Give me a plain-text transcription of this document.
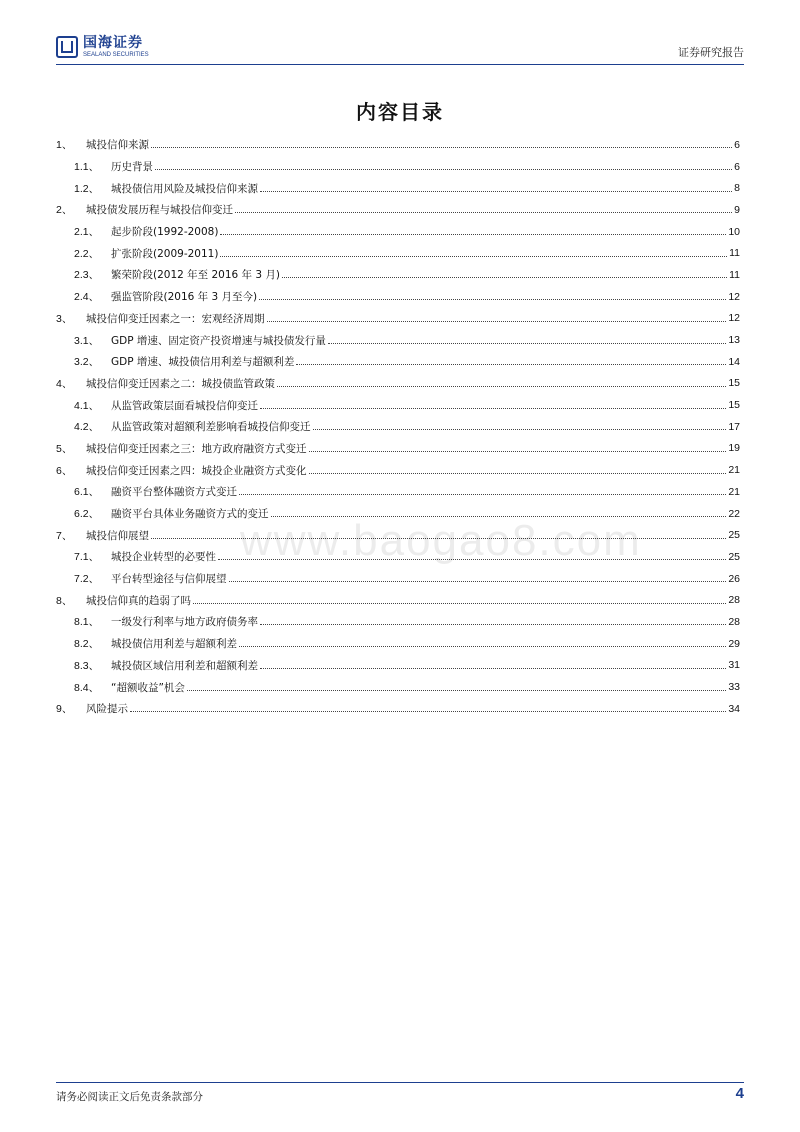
国海证券
SEALAND SECURITIES	证券研究报告
内容目录
1、	城投信仰来源	6
1.1、	历史背景	6
1.2、	城投债信用风险及城投信仰来源	8
2、	城投债发展历程与城投信仰变迁	9
2.1、	起步阶段(1992-2008)	10
2.2、	扩张阶段(2009-2011)	11
2.3、	繁荣阶段(2012 年至 2016 年 3 月)	11
2.4、	强监管阶段(2016 年 3 月至今)	12
3、	城投信仰变迁因素之一：宏观经济周期	12
3.1、	GDP 增速、固定资产投资增速与城投债发行量	13
3.2、	GDP 增速、城投债信用利差与超额利差	14
4、	城投信仰变迁因素之二：城投债监管政策	15
4.1、	从监管政策层面看城投信仰变迁	15
4.2、	从监管政策对超额利差影响看城投信仰变迁	17
5、	城投信仰变迁因素之三：地方政府融资方式变迁	19
6、	城投信仰变迁因素之四：城投企业融资方式变化	21
6.1、	融资平台整体融资方式变迁	21
6.2、	融资平台具体业务融资方式的变迁	22
7、	城投信仰展望	25
7.1、	城投企业转型的必要性	25
7.2、	平台转型途径与信仰展望	26
8、	城投信仰真的趋弱了吗	28
8.1、	一级发行利率与地方政府债务率	28
8.2、	城投债信用利差与超额利差	29
8.3、	城投债区域信用利差和超额利差	31
8.4、	“超额收益”机会	33
9、	风险提示	34
www.baogao8.com
请务必阅读正文后免责条款部分	4
